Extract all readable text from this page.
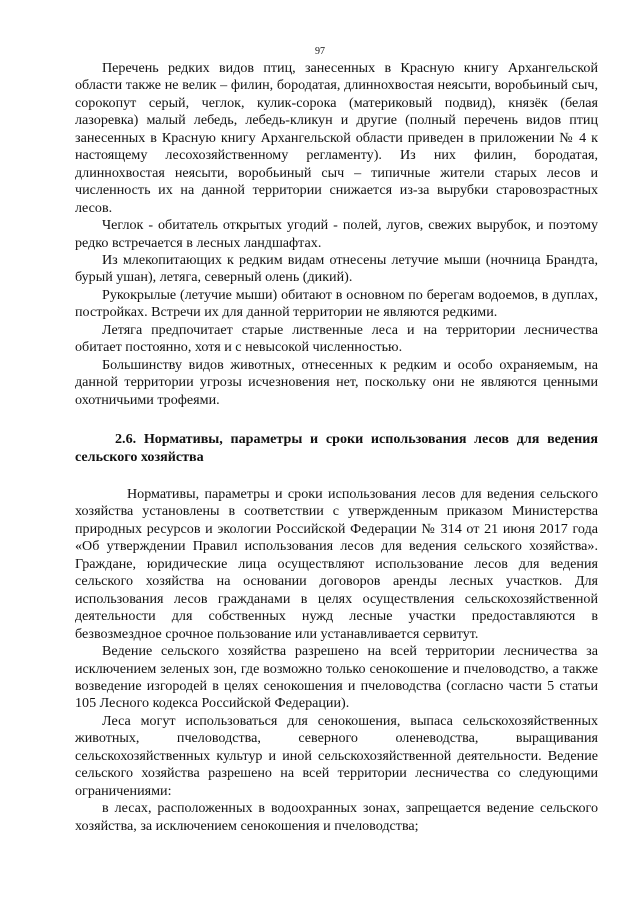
97

Перечень редких видов птиц, занесенных в Красную книгу Архангельской области также не велик – филин, бородатая, длиннохвостая неясыти, воробьиный сыч, сорокопут серый, чеглок, кулик-сорока (материковый подвид), князёк (белая лазоревка) малый лебедь, лебедь-кликун и другие (полный перечень видов птиц занесенных в Красную книгу Архангельской области приведен в приложении № 4 к настоящему лесохозяйственному регламенту). Из них филин, бородатая, длиннохвостая неясыти, воробьиный сыч – типичные жители старых лесов и численность их на данной территории снижается из-за вырубки старовозрастных лесов.

Чеглок - обитатель открытых угодий - полей, лугов, свежих вырубок, и поэтому редко встречается в лесных ландшафтах.

Из млекопитающих к редким видам отнесены летучие мыши (ночница Брандта, бурый ушан), летяга, северный олень (дикий).

Рукокрылые (летучие мыши) обитают в основном по берегам водоемов, в дуплах, постройках. Встречи их для данной территории не являются редкими.

Летяга предпочитает старые лиственные леса и на территории лесничества обитает постоянно, хотя и с невысокой численностью.

Большинству видов животных, отнесенных к редким и особо охраняемым, на данной территории угрозы исчезновения нет, поскольку они не являются ценными охотничьими трофеями.

2.6. Нормативы, параметры и сроки использования лесов для ведения сельского хозяйства

Нормативы, параметры и сроки использования лесов для ведения сельского хозяйства установлены в соответствии с утвержденным приказом Министерства природных ресурсов и экологии Российской Федерации № 314 от 21 июня 2017 года «Об утверждении Правил использования лесов для ведения сельского хозяйства». Граждане, юридические лица осуществляют использование лесов для ведения сельского хозяйства на основании договоров аренды лесных участков. Для использования лесов гражданами в целях осуществления сельскохозяйственной деятельности для собственных нужд лесные участки предоставляются в безвозмездное срочное пользование или устанавливается сервитут.

Ведение сельского хозяйства разрешено на всей территории лесничества за исключением зеленых зон, где возможно только сенокошение и пчеловодство, а также возведение изгородей в целях сенокошения и пчеловодства (согласно части 5 статьи 105 Лесного кодекса Российской Федерации).

Леса могут использоваться для сенокошения, выпаса сельскохозяйственных животных, пчеловодства, северного оленеводства, выращивания сельскохозяйственных культур и иной сельскохозяйственной деятельности. Ведение сельского хозяйства разрешено на всей территории лесничества со следующими ограничениями:

в лесах, расположенных в водоохранных зонах, запрещается ведение сельского хозяйства, за исключением сенокошения и пчеловодства;
